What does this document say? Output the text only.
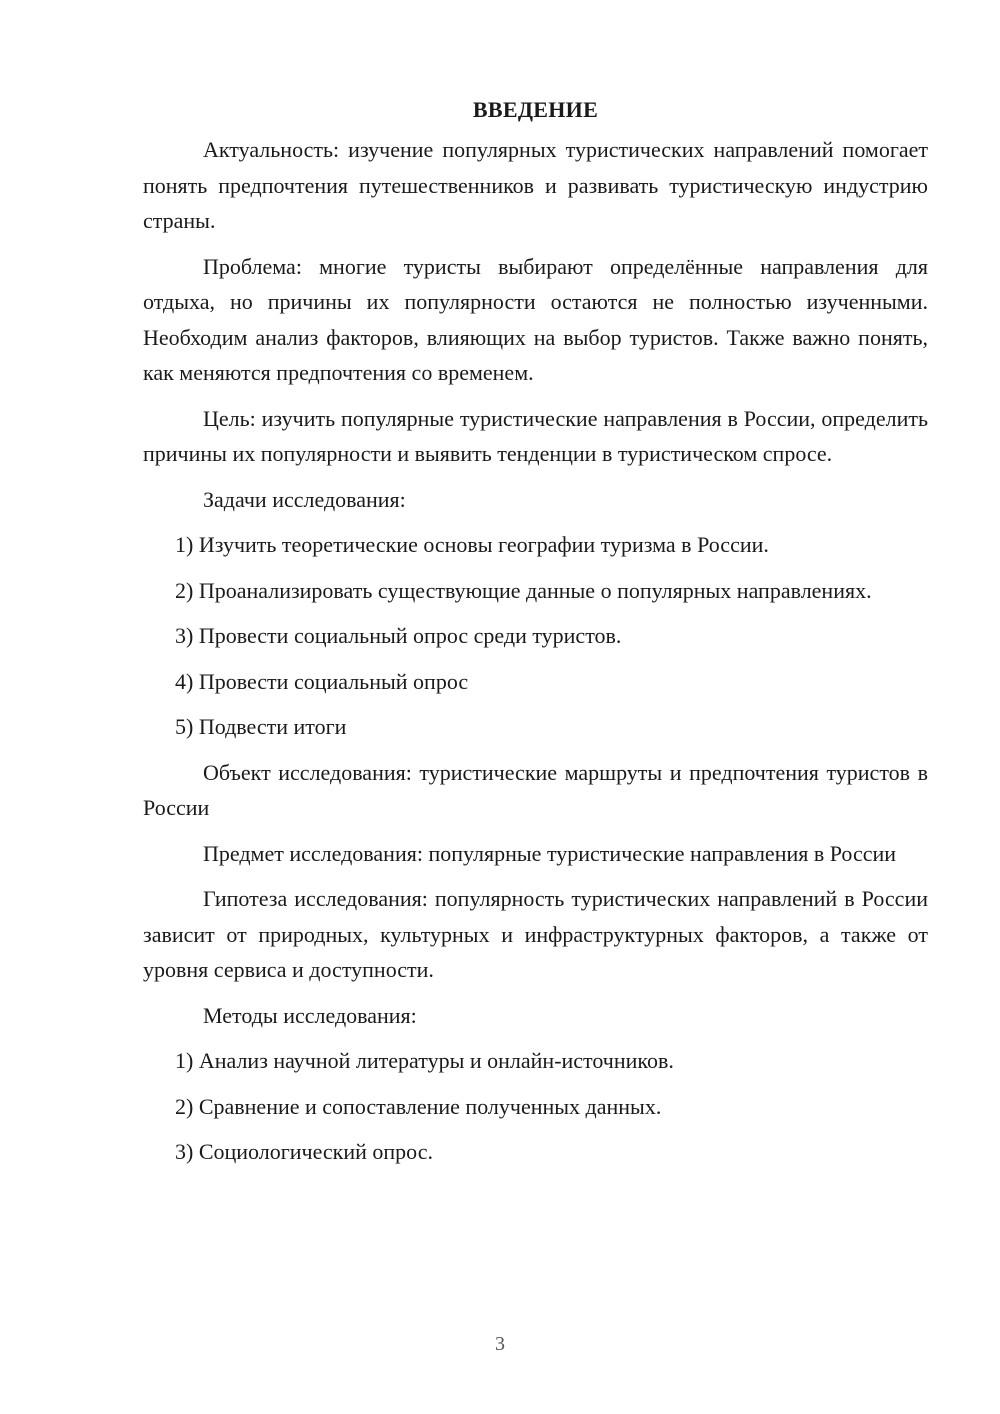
ВВЕДЕНИЕ

Актуальность: изучение популярных туристических направлений помогает понять предпочтения путешественников и развивать туристическую индустрию страны.

Проблема: многие туристы выбирают определённые направления для отдыха, но причины их популярности остаются не полностью изученными. Необходим анализ факторов, влияющих на выбор туристов. Также важно понять, как меняются предпочтения со временем.

Цель: изучить популярные туристические направления в России, определить причины их популярности и выявить тенденции в туристическом спросе.

Задачи исследования:

1) Изучить теоретические основы географии туризма в России.

2) Проанализировать существующие данные о популярных направлениях.

3) Провести социальный опрос среди туристов.

4) Провести социальный опрос

5) Подвести итоги

Объект исследования: туристические маршруты и предпочтения туристов в России

Предмет исследования: популярные туристические направления в России

Гипотеза исследования: популярность туристических направлений в России зависит от природных, культурных и инфраструктурных факторов, а также от уровня сервиса и доступности.

Методы исследования:

1) Анализ научной литературы и онлайн-источников.

2) Сравнение и сопоставление полученных данных.

3) Социологический опрос.

3
